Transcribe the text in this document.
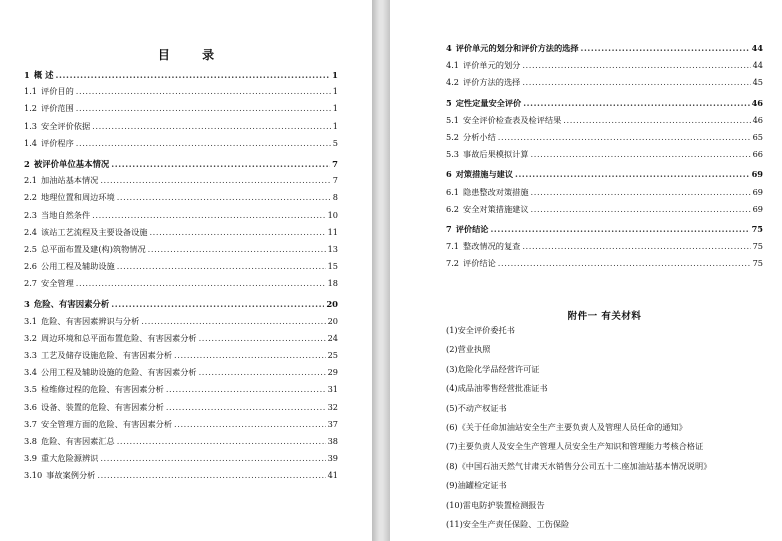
目 录
1 概 述 .....	1
1.1 评价目的 .....	1
1.2 评价范围 .....	1
1.3 安全评价依据 .....	1
1.4 评价程序 .....	5
2 被评价单位基本情况 .....	7
2.1 加油站基本情况 .....	7
2.2 地理位置和周边环境 .....	8
2.3 当地自然条件 .....	10
2.4 该站工艺流程及主要设备设施 .....	11
2.5 总平面布置及建(构)筑物情况 .....	13
2.6 公用工程及辅助设施 .....	15
2.7 安全管理 .....	18
3 危险、有害因素分析 .....	20
3.1 危险、有害因素辨识与分析 .....	20
3.2 周边环境和总平面布置危险、有害因素分析 .....	24
3.3 工艺及储存设施危险、有害因素分析 .....	25
3.4 公用工程及辅助设施的危险、有害因素分析 .....	29
3.5 检维修过程的危险、有害因素分析 .....	31
3.6 设备、装置的危险、有害因素分析 .....	32
3.7 安全管理方面的危险、有害因素分析 .....	37
3.8 危险、有害因素汇总 .....	38
3.9 重大危险源辨识 .....	39
3.10 事故案例分析 .....	41
4 评价单元的划分和评价方法的选择 .....	44
4.1 评价单元的划分 .....	44
4.2 评价方法的选择 .....	45
5 定性定量安全评价 .....	46
5.1 安全评价检查表及检评结果 .....	46
5.2 分析小结 .....	65
5.3 事故后果模拟计算 .....	66
6 对策措施与建议 .....	69
6.1 隐患整改对策措施 .....	69
6.2 安全对策措施建议 .....	69
7 评价结论 .....	75
7.1 整改情况的复查 .....	75
7.2 评价结论 .....	75
附件一 有关材料
(1)安全评价委托书
(2)营业执照
(3)危险化学品经营许可证
(4)成品油零售经营批准证书
(5)不动产权证书
(6)《关于任命加油站安全生产主要负责人及管理人员任命的通知》
(7)主要负责人及安全生产管理人员安全生产知识和管理能力考核合格证
(8)《中国石油天然气甘肃天水销售分公司五十二座加油站基本情况说明》
(9)油罐检定证书
(10)雷电防护装置检测报告
(11)安全生产责任保险、工伤保险
